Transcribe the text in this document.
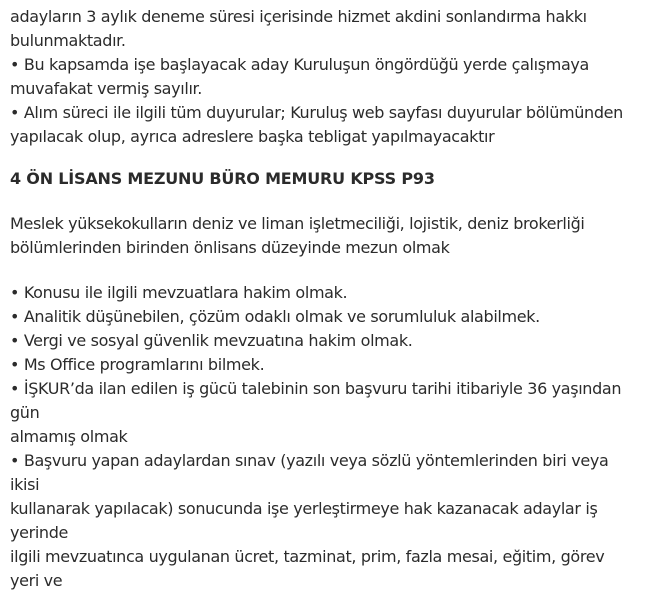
adayların 3 aylık deneme süresi içerisinde hizmet akdini sonlandırma hakkı
bulunmaktadır.
• Bu kapsamda işe başlayacak aday Kuruluşun öngördüğü yerde çalışmaya
muvafakat vermiş sayılır.
• Alım süreci ile ilgili tüm duyurular; Kuruluş web sayfası duyurular bölümünden
yapılacak olup, ayrıca adreslere başka tebligat yapılmayacaktır
4 ÖN LİSANS MEZUNU BÜRO MEMURU KPSS P93
Meslek yüksekokulların deniz ve liman işletmeciliği, lojistik, deniz brokerliği
bölümlerinden birinden önlisans düzeyinde mezun olmak
• Konusu ile ilgili mevzuatlara hakim olmak.
• Analitik düşünebilen, çözüm odaklı olmak ve sorumluluk alabilmek.
• Vergi ve sosyal güvenlik mevzuatına hakim olmak.
• Ms Office programlarını bilmek.
• İŞKUR’da ilan edilen iş gücü talebinin son başvuru tarihi itibariyle 36 yaşından
gün
almamış olmak
• Başvuru yapan adaylardan sınav (yazılı veya sözlü yöntemlerinden biri veya
ikisi
kullanarak yapılacak) sonucunda işe yerleştirmeye hak kazanacak adaylar iş
yerinde
ilgili mevzuatınca uygulanan ücret, tazminat, prim, fazla mesai, eğitim, görev
yeri ve
